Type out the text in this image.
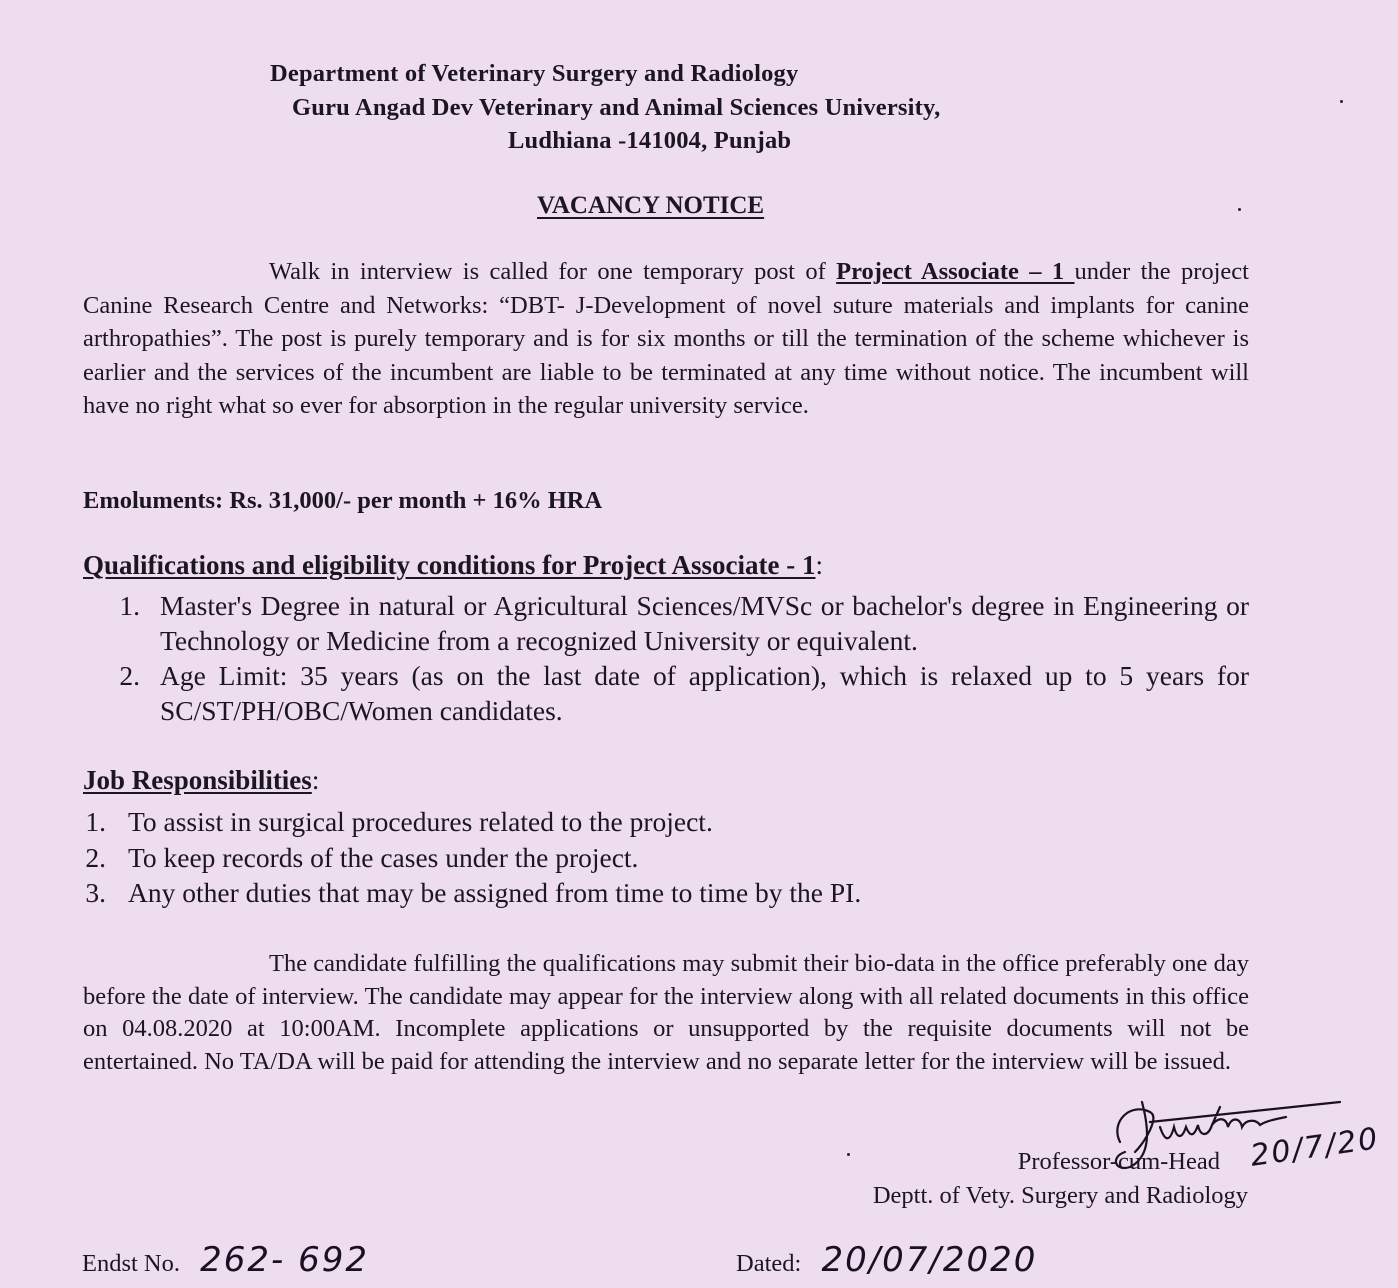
Department of Veterinary Surgery and Radiology
Guru Angad Dev Veterinary and Animal Sciences University,
Ludhiana -141004, Punjab
VACANCY NOTICE
Walk in interview is called for one temporary post of Project Associate – 1 under the project Canine Research Centre and Networks: “DBT- J-Development of novel suture materials and implants for canine arthropathies”. The post is purely temporary and is for six months or till the termination of the scheme whichever is earlier and the services of the incumbent are liable to be terminated at any time without notice. The incumbent will have no right what so ever for absorption in the regular university service.
Emoluments: Rs. 31,000/- per month + 16% HRA
Qualifications and eligibility conditions for Project Associate - 1:
1. Master's Degree in natural or Agricultural Sciences/MVSc or bachelor's degree in Engineering or Technology or Medicine from a recognized University or equivalent.
2. Age Limit: 35 years (as on the last date of application), which is relaxed up to 5 years for SC/ST/PH/OBC/Women candidates.
Job Responsibilities:
1. To assist in surgical procedures related to the project.
2. To keep records of the cases under the project.
3. Any other duties that may be assigned from time to time by the PI.
The candidate fulfilling the qualifications may submit their bio-data in the office preferably one day before the date of interview. The candidate may appear for the interview along with all related documents in this office on 04.08.2020 at 10:00AM. Incomplete applications or unsupported by the requisite documents will not be entertained. No TA/DA will be paid for attending the interview and no separate letter for the interview will be issued.
20/7/20
Professor-cum-Head
Deptt. of Vety. Surgery and Radiology
Endst No. 262- 692	Dated: 20/07/2020
